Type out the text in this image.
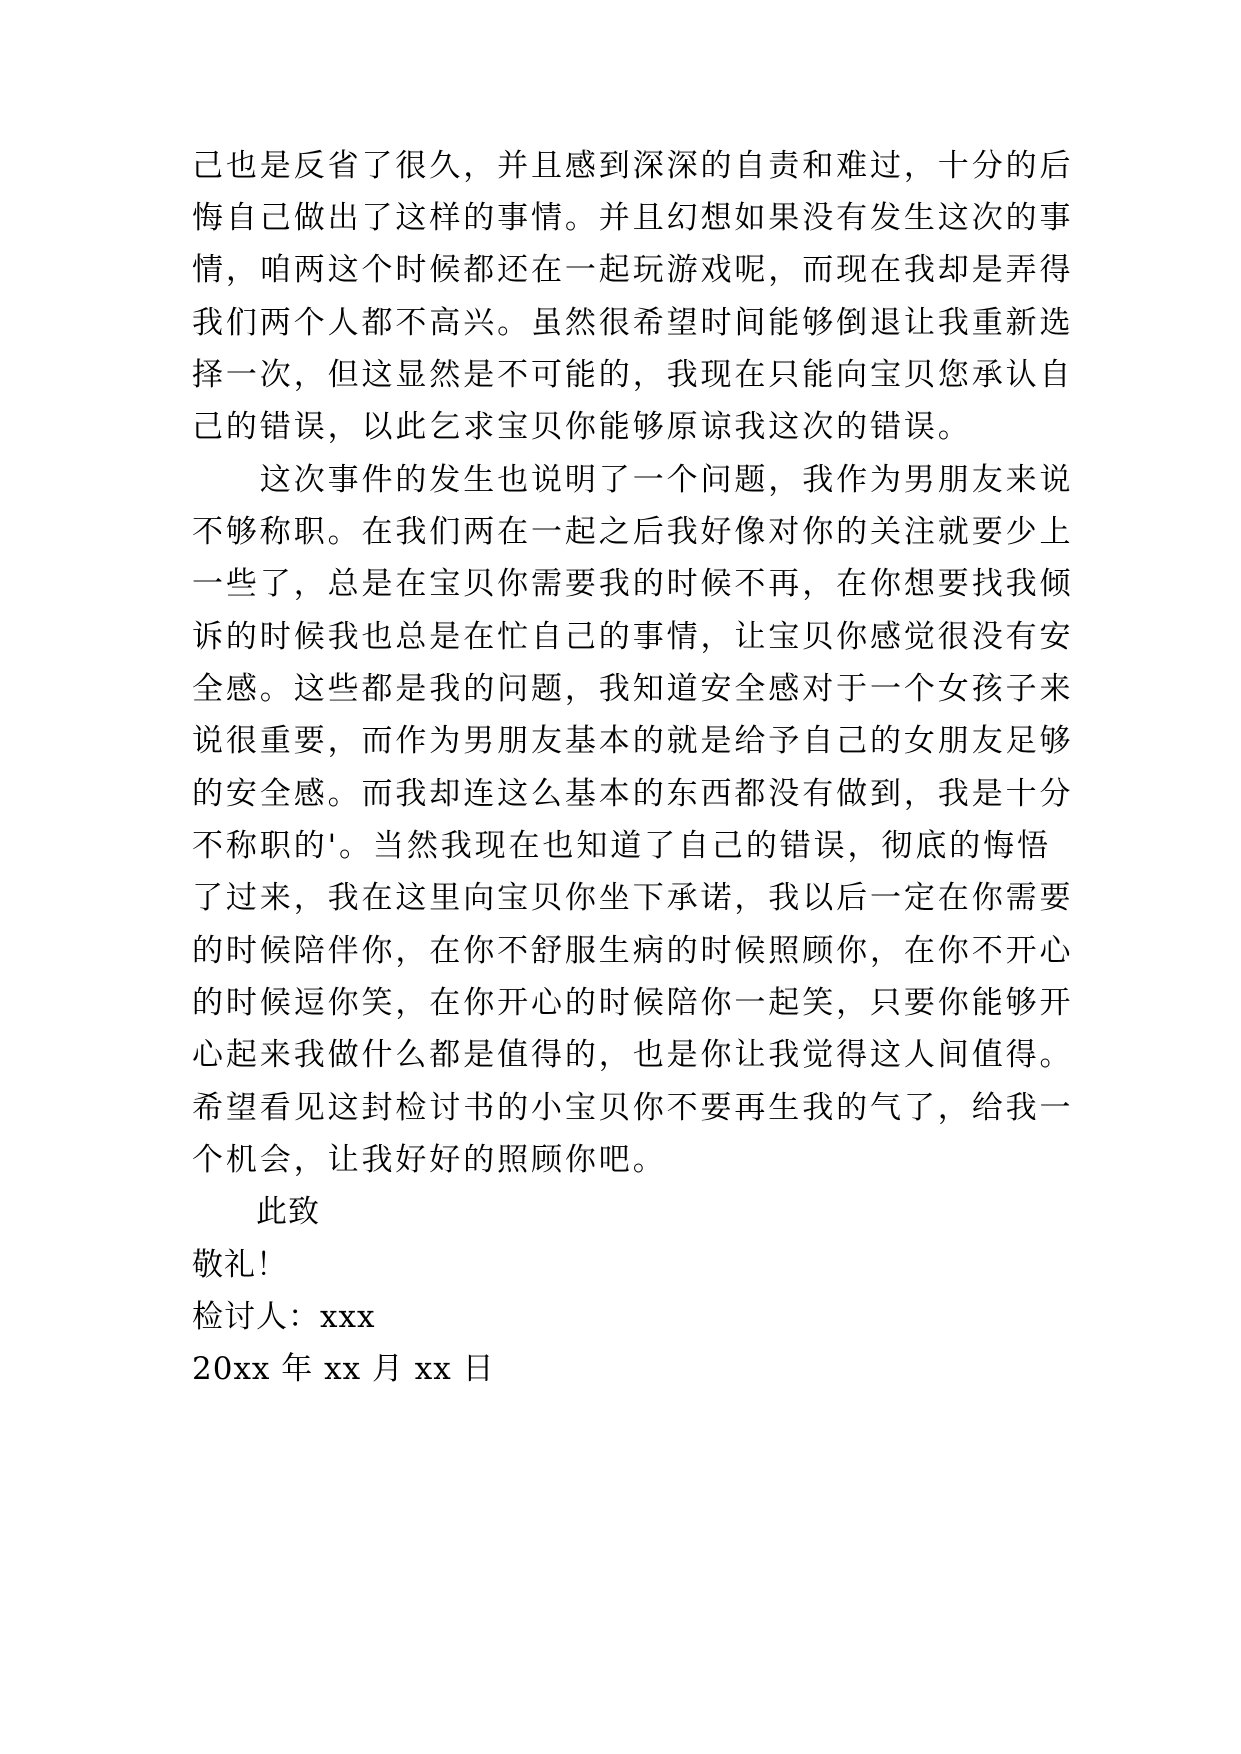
己也是反省了很久，并且感到深深的自责和难过，十分的后
悔自己做出了这样的事情。并且幻想如果没有发生这次的事
情，咱两这个时候都还在一起玩游戏呢，而现在我却是弄得
我们两个人都不高兴。虽然很希望时间能够倒退让我重新选
择一次，但这显然是不可能的，我现在只能向宝贝您承认自
己的错误，以此乞求宝贝你能够原谅我这次的错误。
　　这次事件的发生也说明了一个问题，我作为男朋友来说
不够称职。在我们两在一起之后我好像对你的关注就要少上
一些了，总是在宝贝你需要我的时候不再，在你想要找我倾
诉的时候我也总是在忙自己的事情，让宝贝你感觉很没有安
全感。这些都是我的问题，我知道安全感对于一个女孩子来
说很重要，而作为男朋友基本的就是给予自己的女朋友足够
的安全感。而我却连这么基本的东西都没有做到，我是十分
不称职的'。当然我现在也知道了自己的错误，彻底的悔悟
了过来，我在这里向宝贝你坐下承诺，我以后一定在你需要
的时候陪伴你，在你不舒服生病的时候照顾你，在你不开心
的时候逗你笑，在你开心的时候陪你一起笑，只要你能够开
心起来我做什么都是值得的，也是你让我觉得这人间值得。
希望看见这封检讨书的小宝贝你不要再生我的气了，给我一
个机会，让我好好的照顾你吧。
　　此致
敬礼！
检讨人：xxx
20xx 年 xx 月 xx 日
